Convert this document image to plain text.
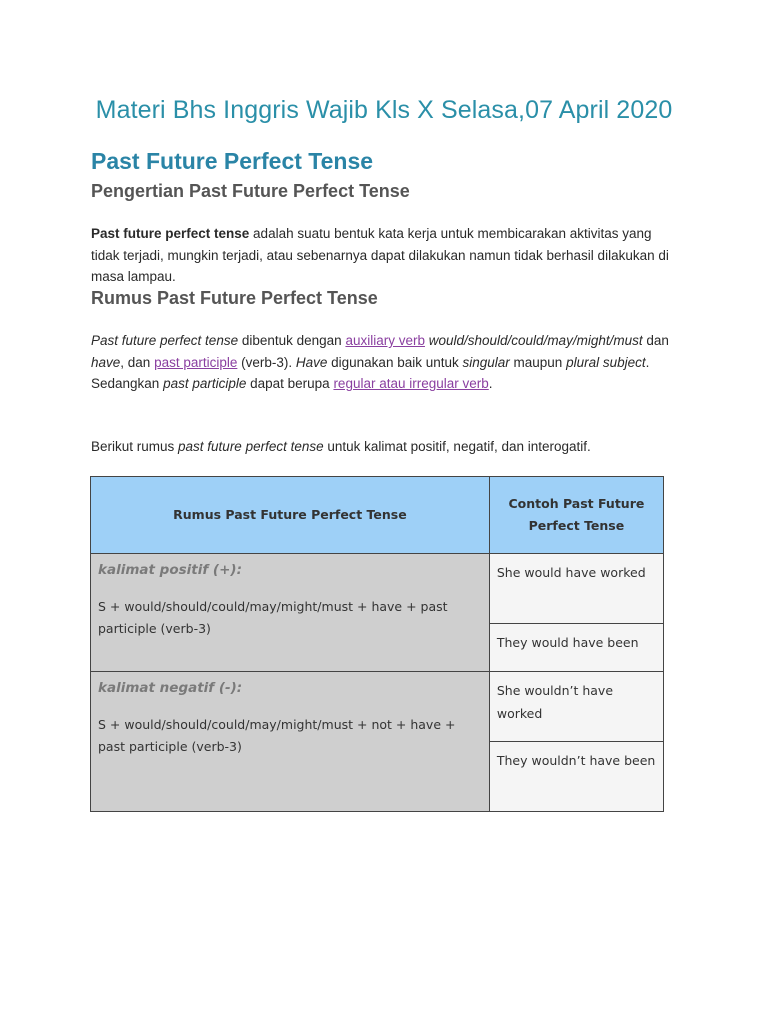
Materi Bhs Inggris Wajib Kls X Selasa,07 April 2020
Past Future Perfect Tense
Pengertian Past Future Perfect Tense
Past future perfect tense adalah suatu bentuk kata kerja untuk membicarakan aktivitas yang tidak terjadi, mungkin terjadi, atau sebenarnya dapat dilakukan namun tidak berhasil dilakukan di masa lampau.
Rumus Past Future Perfect Tense
Past future perfect tense dibentuk dengan auxiliary verb would/should/could/may/might/must dan have, dan past participle (verb-3). Have digunakan baik untuk singular maupun plural subject. Sedangkan past participle dapat berupa regular atau irregular verb.
Berikut rumus past future perfect tense untuk kalimat positif, negatif, dan interogatif.
Rumus Past Future Perfect Tense	Contoh Past Future Perfect Tense

kalimat positif (+):
S + would/should/could/may/might/must + have + past participle (verb-3)	She would have worked
	They would have been

kalimat negatif (-):
S + would/should/could/may/might/must + not + have + past participle (verb-3)	She wouldn’t have worked
	They wouldn’t have been
